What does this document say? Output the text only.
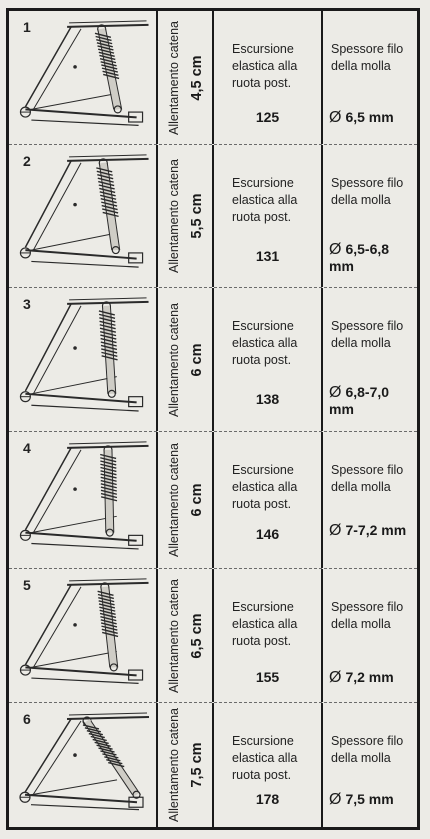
1	Allentamento catena 4,5 cm
Escursione elastica alla ruota post.
125
Spessore filo della molla
Ø 6,5 mm
2	Allentamento catena 5,5 cm
Escursione elastica alla ruota post.
131
Spessore filo della molla
Ø 6,5-6,8 mm
3	Allentamento catena 6 cm
Escursione elastica alla ruota post.
138
Spessore filo della molla
Ø 6,8-7,0 mm
4	Allentamento catena 6 cm
Escursione elastica alla ruota post.
146
Spessore filo della molla
Ø 7-7,2 mm
5	Allentamento catena 6,5 cm
Escursione elastica alla ruota post.
155
Spessore filo della molla
Ø 7,2 mm
6	Allentamento catena 7,5 cm
Escursione elastica alla ruota post.
178
Spessore filo della molla
Ø 7,5 mm
